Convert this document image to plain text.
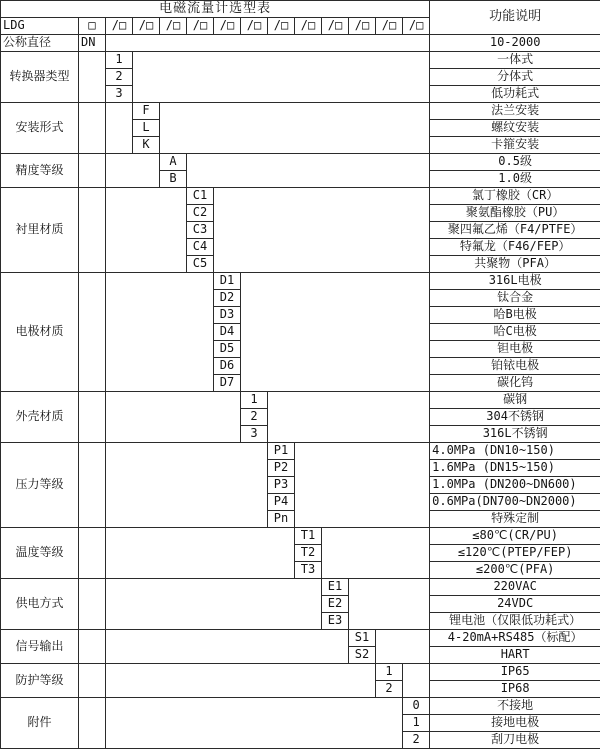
电磁流量计选型表														功能说明
LDG	□	/□	/□	/□	/□	/□	/□	/□	/□	/□	/□	/□	/□	
公称直径	DN													10-2000
转换器类型		1												一体式
		2												分体式
		3												低功耗式
安装形式			F											法兰安装
			L											螺纹安装
			K											卡箍安装
精度等级				A										0.5级
				B										1.0级
衬里材质					C1									氯丁橡胶（CR）
					C2									聚氨酯橡胶（PU）
					C3									聚四氟乙烯（F4/PTFE）
					C4									特氟龙（F46/FEP）
					C5									共聚物（PFA）
电极材质						D1								316L电极
						D2								钛合金
						D3								哈B电极
						D4								哈C电极
						D5								钽电极
						D6								铂铱电极
						D7								碳化钨
外壳材质							1							碳钢
							2							304不锈钢
							3							316L不锈钢
压力等级								P1						4.0MPa (DN10~150)
								P2						1.6MPa (DN15~150)
								P3						1.0MPa (DN200~DN600)
								P4						0.6MPa(DN700~DN2000)
								Pn						特殊定制
温度等级									T1					≤80℃(CR/PU)
									T2					≤120℃(PTEP/FEP)
									T3					≤200℃(PFA)
供电方式										E1				220VAC
										E2				24VDC
										E3				锂电池（仅限低功耗式）
信号输出											S1			4-20mA+RS485（标配）
											S2			HART
防护等级												1		IP65
												2		IP68
附件													0	不接地
													1	接地电极
													2	刮刀电极
